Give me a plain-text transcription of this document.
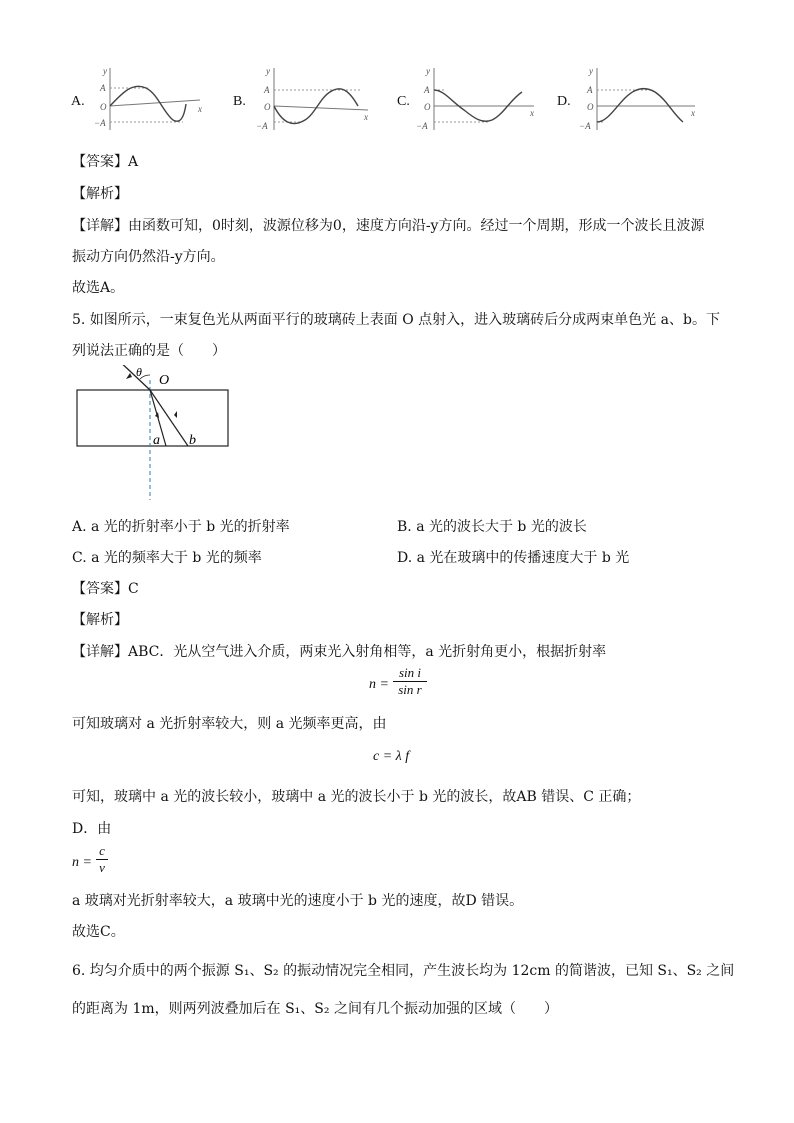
A.
y
x
A
O
−A
B.
y
x
A
O
−A
C.
y
x
A
O
−A
D.
y
x
A
O
−A
【答案】A
【解析】
【详解】由函数可知，0时刻，波源位移为0，速度方向沿-y方向。经过一个周期，形成一个波长且波源
振动方向仍然沿-y方向。
故选A。
5. 如图所示，一束复色光从两面平行的玻璃砖上表面 O 点射入，进入玻璃砖后分成两束单色光 a、b。下
列说法正确的是（　　）
θ
O
a b
A. a 光的折射率小于 b 光的折射率	B. a 光的波长大于 b 光的波长
C. a 光的频率大于 b 光的频率	D. a 光在玻璃中的传播速度大于 b 光
【答案】C
【解析】
【详解】ABC．光从空气进入介质，两束光入射角相等，a 光折射角更小，根据折射率
$n = \frac{\text{sin i}}{\text{sin r}}$
可知玻璃对 a 光折射率较大，则 a 光频率更高，由
c = λ f
可知，玻璃中 a 光的波长较小，玻璃中 a 光的波长小于 b 光的波长，故AB 错误、C 正确；
D．由
$n = \frac{c}{v}$
a 玻璃对光折射率较大，a 玻璃中光的速度小于 b 光的速度，故D 错误。
故选C。
6. 均匀介质中的两个振源 S₁、S₂ 的振动情况完全相同，产生波长均为 12cm 的简谐波，已知 S₁、S₂ 之间
的距离为 1m，则两列波叠加后在 S₁、S₂ 之间有几个振动加强的区域（　　）
